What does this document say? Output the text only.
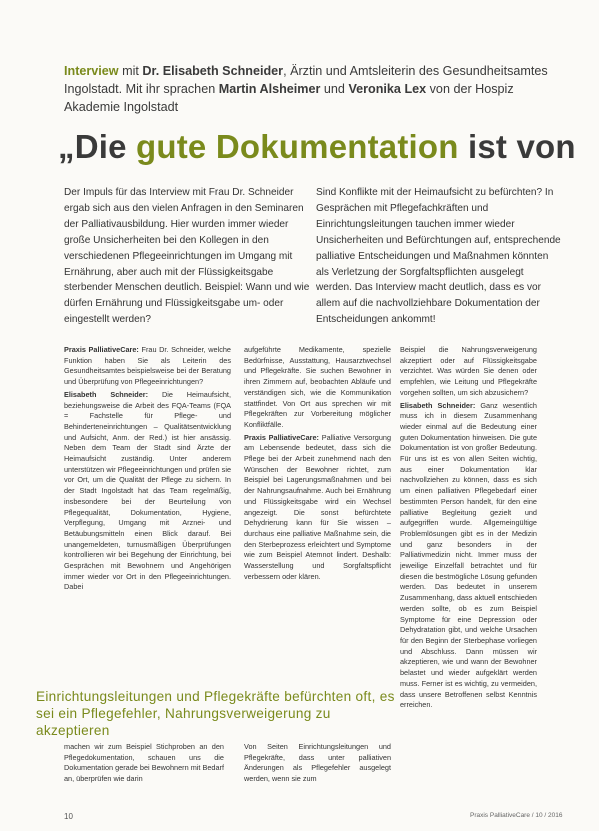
Interview mit Dr. Elisabeth Schneider, Ärztin und Amtsleiterin des Gesundheitsamtes Ingolstadt. Mit ihr sprachen Martin Alsheimer und Veronika Lex von der Hospiz Akademie Ingolstadt
„Die gute Dokumentation ist von
Der Impuls für das Interview mit Frau Dr. Schneider ergab sich aus den vielen Anfragen in den Seminaren der Palliativausbildung. Hier wurden immer wieder große Unsicherheiten bei den Kollegen in den verschiedenen Pflegeeinrichtungen im Umgang mit Ernährung, aber auch mit der Flüssigkeitsgabe sterbender Menschen deutlich. Beispiel: Wann und wie dürfen Ernährung und Flüssigkeitsgabe um- oder eingestellt werden?
Sind Konflikte mit der Heimaufsicht zu befürchten? In Gesprächen mit Pflegefachkräften und Einrichtungsleitungen tauchen immer wieder Unsicherheiten und Befürchtungen auf, entsprechende palliative Entscheidungen und Maßnahmen könnten als Verletzung der Sorgfaltspflichten ausgelegt werden. Das Interview macht deutlich, dass es vor allem auf die nachvollziehbare Dokumentation der Entscheidungen ankommt!

Praxis PalliativeCare: Frau Dr. Schneider, welche Funktion haben Sie als Leiterin des Gesundheitsamtes beispielsweise bei der Beratung und Überprüfung von Pflegeeinrichtungen?

Elisabeth Schneider: Die Heimaufsicht, beziehungsweise die Arbeit des FQA-Teams (FQA = Fachstelle für Pflege- und Behinderteneinrichtungen – Qualitätsentwicklung und Aufsicht, Anm. der Red.) ist hier ansässig. Neben dem Team der Stadt sind Ärzte der Heimaufsicht zuständig. Unter anderem unterstützen wir Pflegeeinrichtungen und prüfen sie vor Ort, um die Qualität der Pflege zu sichern. In der Stadt Ingolstadt hat das Team regelmäßig, insbesondere bei der Beurteilung von Pflegequalität, Dokumentation, Hygiene, Verpflegung, Umgang mit Arznei- und Betäubungsmitteln einen Blick darauf. Bei unangemeldeten, turnusmäßigen Überprüfungen kontrollieren wir bei Begehung der Einrichtung, bei Gesprächen mit Bewohnern und Angehörigen immer wieder vor Ort in den Pflegeeinrichtungen. Dabei

aufgeführte Medikamente, spezielle Bedürfnisse, Ausstattung, Hausarztwechsel und Pflegekräfte. Sie suchen Bewohner in ihren Zimmern auf, beobachten Abläufe und verständigen sich, wie die Kommunikation stattfindet. Von Ort aus sprechen wir mit Pflegekräften zur Vorbereitung möglicher Konfliktfälle.

Praxis PalliativeCare: Palliative Versorgung am Lebensende bedeutet, dass sich die Pflege bei der Arbeit zunehmend nach den Wünschen der Bewohner richtet, zum Beispiel bei Lagerungsmaßnahmen und bei der Nahrungsaufnahme. Auch bei Ernährung und Flüssigkeitsgabe wird ein Wechsel angezeigt. Die sonst befürchtete Dehydrierung kann für Sie wissen – durchaus eine palliative Maßnahme sein, die den Sterbeprozess erleichtert und Symptome wie zum Beispiel Atemnot lindert. Deshalb: Wasserstellung und Sorgfaltspflicht verbessern oder klären.

Beispiel die Nahrungsverweigerung akzeptiert oder auf Flüssigkeitsgabe verzichtet. Was würden Sie denen oder empfehlen, wie Leitung und Pflegekräfte vorgehen sollten, um sich abzusichern?

Elisabeth Schneider: Ganz wesentlich muss ich in diesem Zusammenhang wieder einmal auf die Bedeutung einer guten Dokumentation hinweisen. Die gute Dokumentation ist von großer Bedeutung. Für uns ist es von allen Seiten wichtig, aus einer Dokumentation klar nachvollziehen zu können, dass es sich um einen palliativen Pflegebedarf einer bestimmten Person handelt, für den eine palliative Begleitung gezielt und aufgegriffen wurde. Allgemeingültige Problemlösungen gibt es in der Medizin und ganz besonders in der Palliativmedizin nicht. Immer muss der jeweilige Einzelfall betrachtet und für diesen die bestmögliche Lösung gefunden werden. Das bedeutet in unserem Zusammenhang, dass aktuell entschieden werden sollte, ob es zum Beispiel Symptome für eine Depression oder Dehydratation gibt, und welche Ursachen für den Beginn der Sterbephase vorliegen und Abschluss. Dann müssen wir akzeptieren, wie und wann der Bewohner belastet und wieder aufgeklärt werden muss. Ferner ist es wichtig, zu vermeiden, dass unsere Betroffenen selbst Kenntnis erreichen.

Einrichtungsleitungen und Pflegekräfte befürchten oft, es sei ein Pflegefehler, Nahrungsverweigerung zu akzeptieren
machen wir zum Beispiel Stichproben an den Pflegedokumentation, schauen uns die Dokumentation gerade bei Bewohnern mit Bedarf an, überprüfen wie darin
Von Seiten Einrichtungsleitungen und Pflegekräfte, dass unter palliativen Änderungen als Pflegefehler ausgelegt werden, wenn sie zum
10	Praxis PalliativeCare / 10 / 2016
